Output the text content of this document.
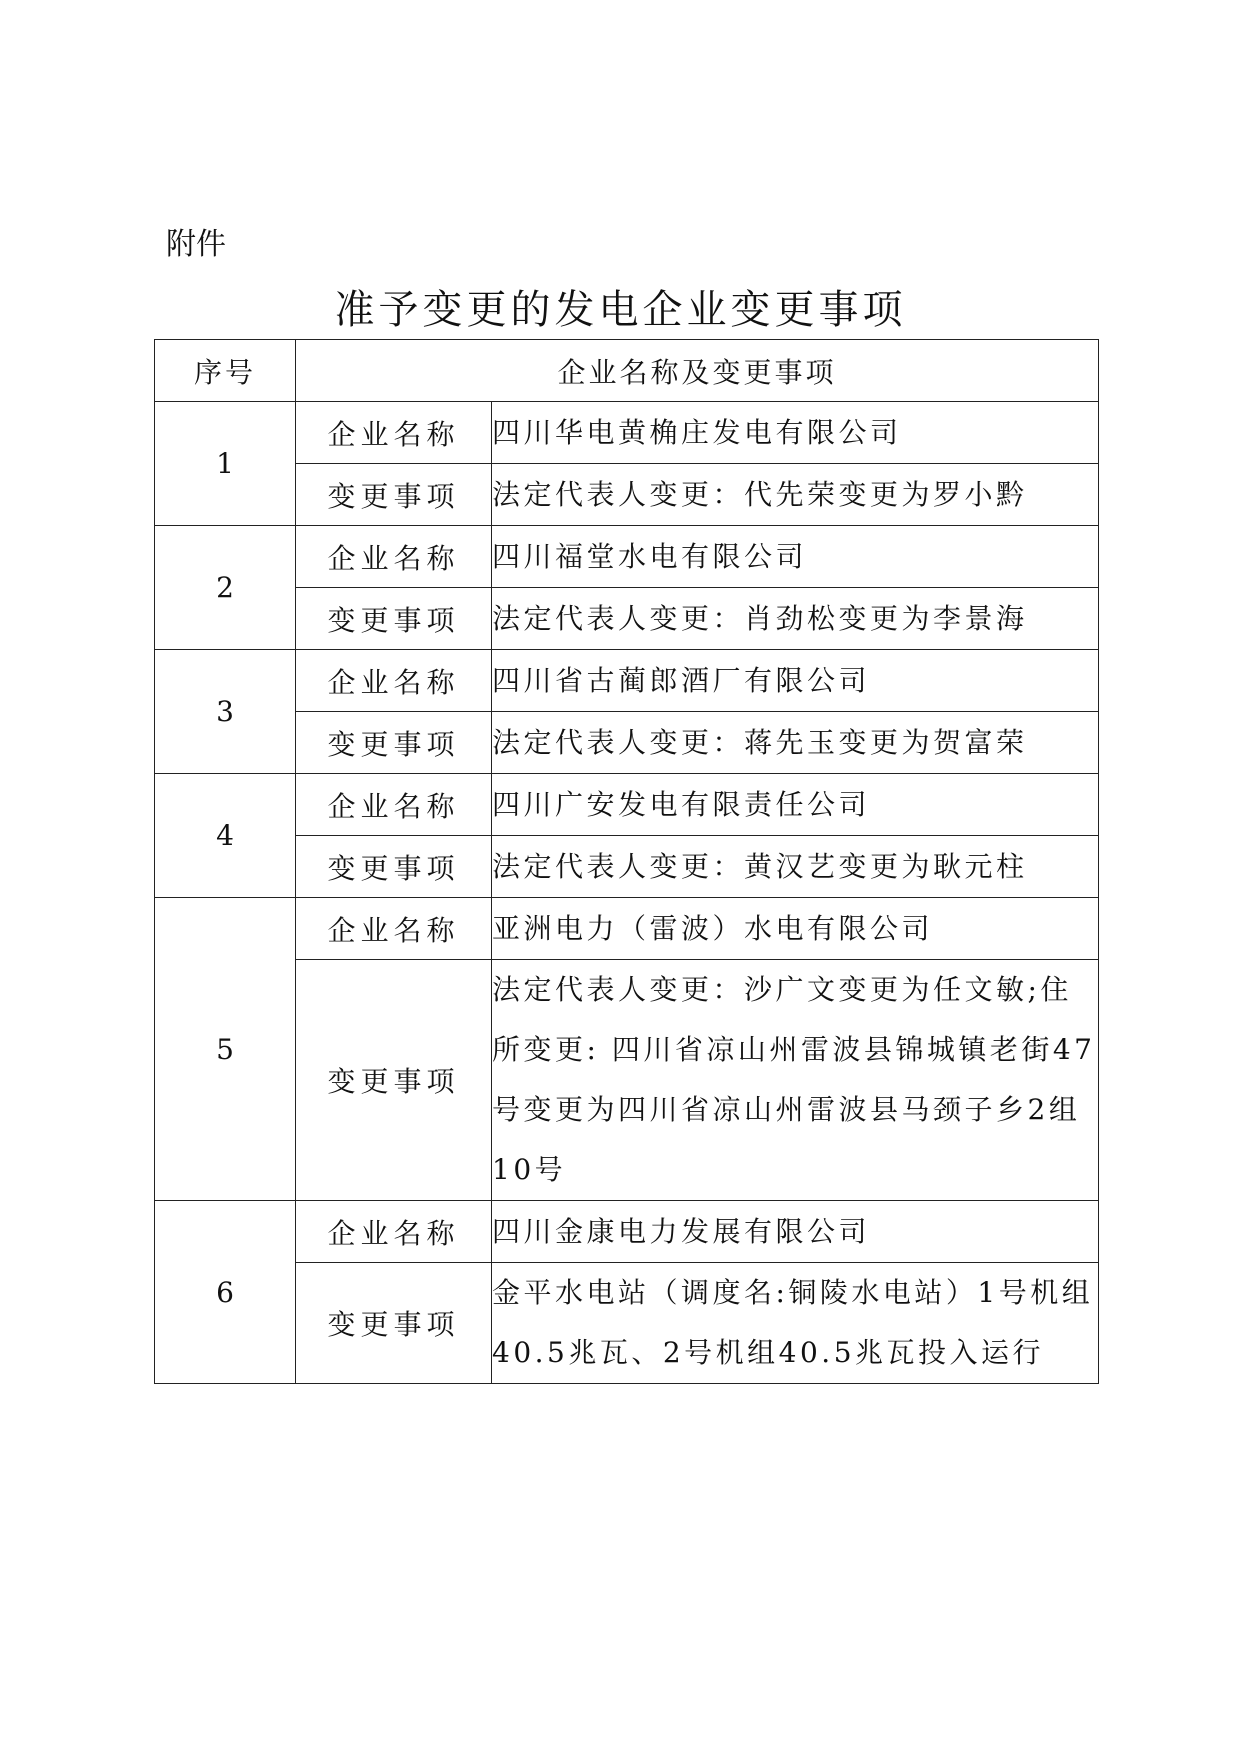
附件
准予变更的发电企业变更事项
序号	企业名称及变更事项	
1	企业名称	四川华电黄桷庄发电有限公司
	变更事项	法定代表人变更：代先荣变更为罗小黔
2	企业名称	四川福堂水电有限公司
	变更事项	法定代表人变更：肖劲松变更为李景海
3	企业名称	四川省古蔺郎酒厂有限公司
	变更事项	法定代表人变更：蒋先玉变更为贺富荣
4	企业名称	四川广安发电有限责任公司
	变更事项	法定代表人变更：黄汉艺变更为耿元柱
5	企业名称	亚洲电力（雷波）水电有限公司
	变更事项	法定代表人变更：沙广文变更为任文敏;住所变更: 四川省凉山州雷波县锦城镇老街47号变更为四川省凉山州雷波县马颈子乡2组10号
6	企业名称	四川金康电力发展有限公司
	变更事项	金平水电站（调度名:铜陵水电站）1号机组40.5兆瓦、2号机组40.5兆瓦投入运行
